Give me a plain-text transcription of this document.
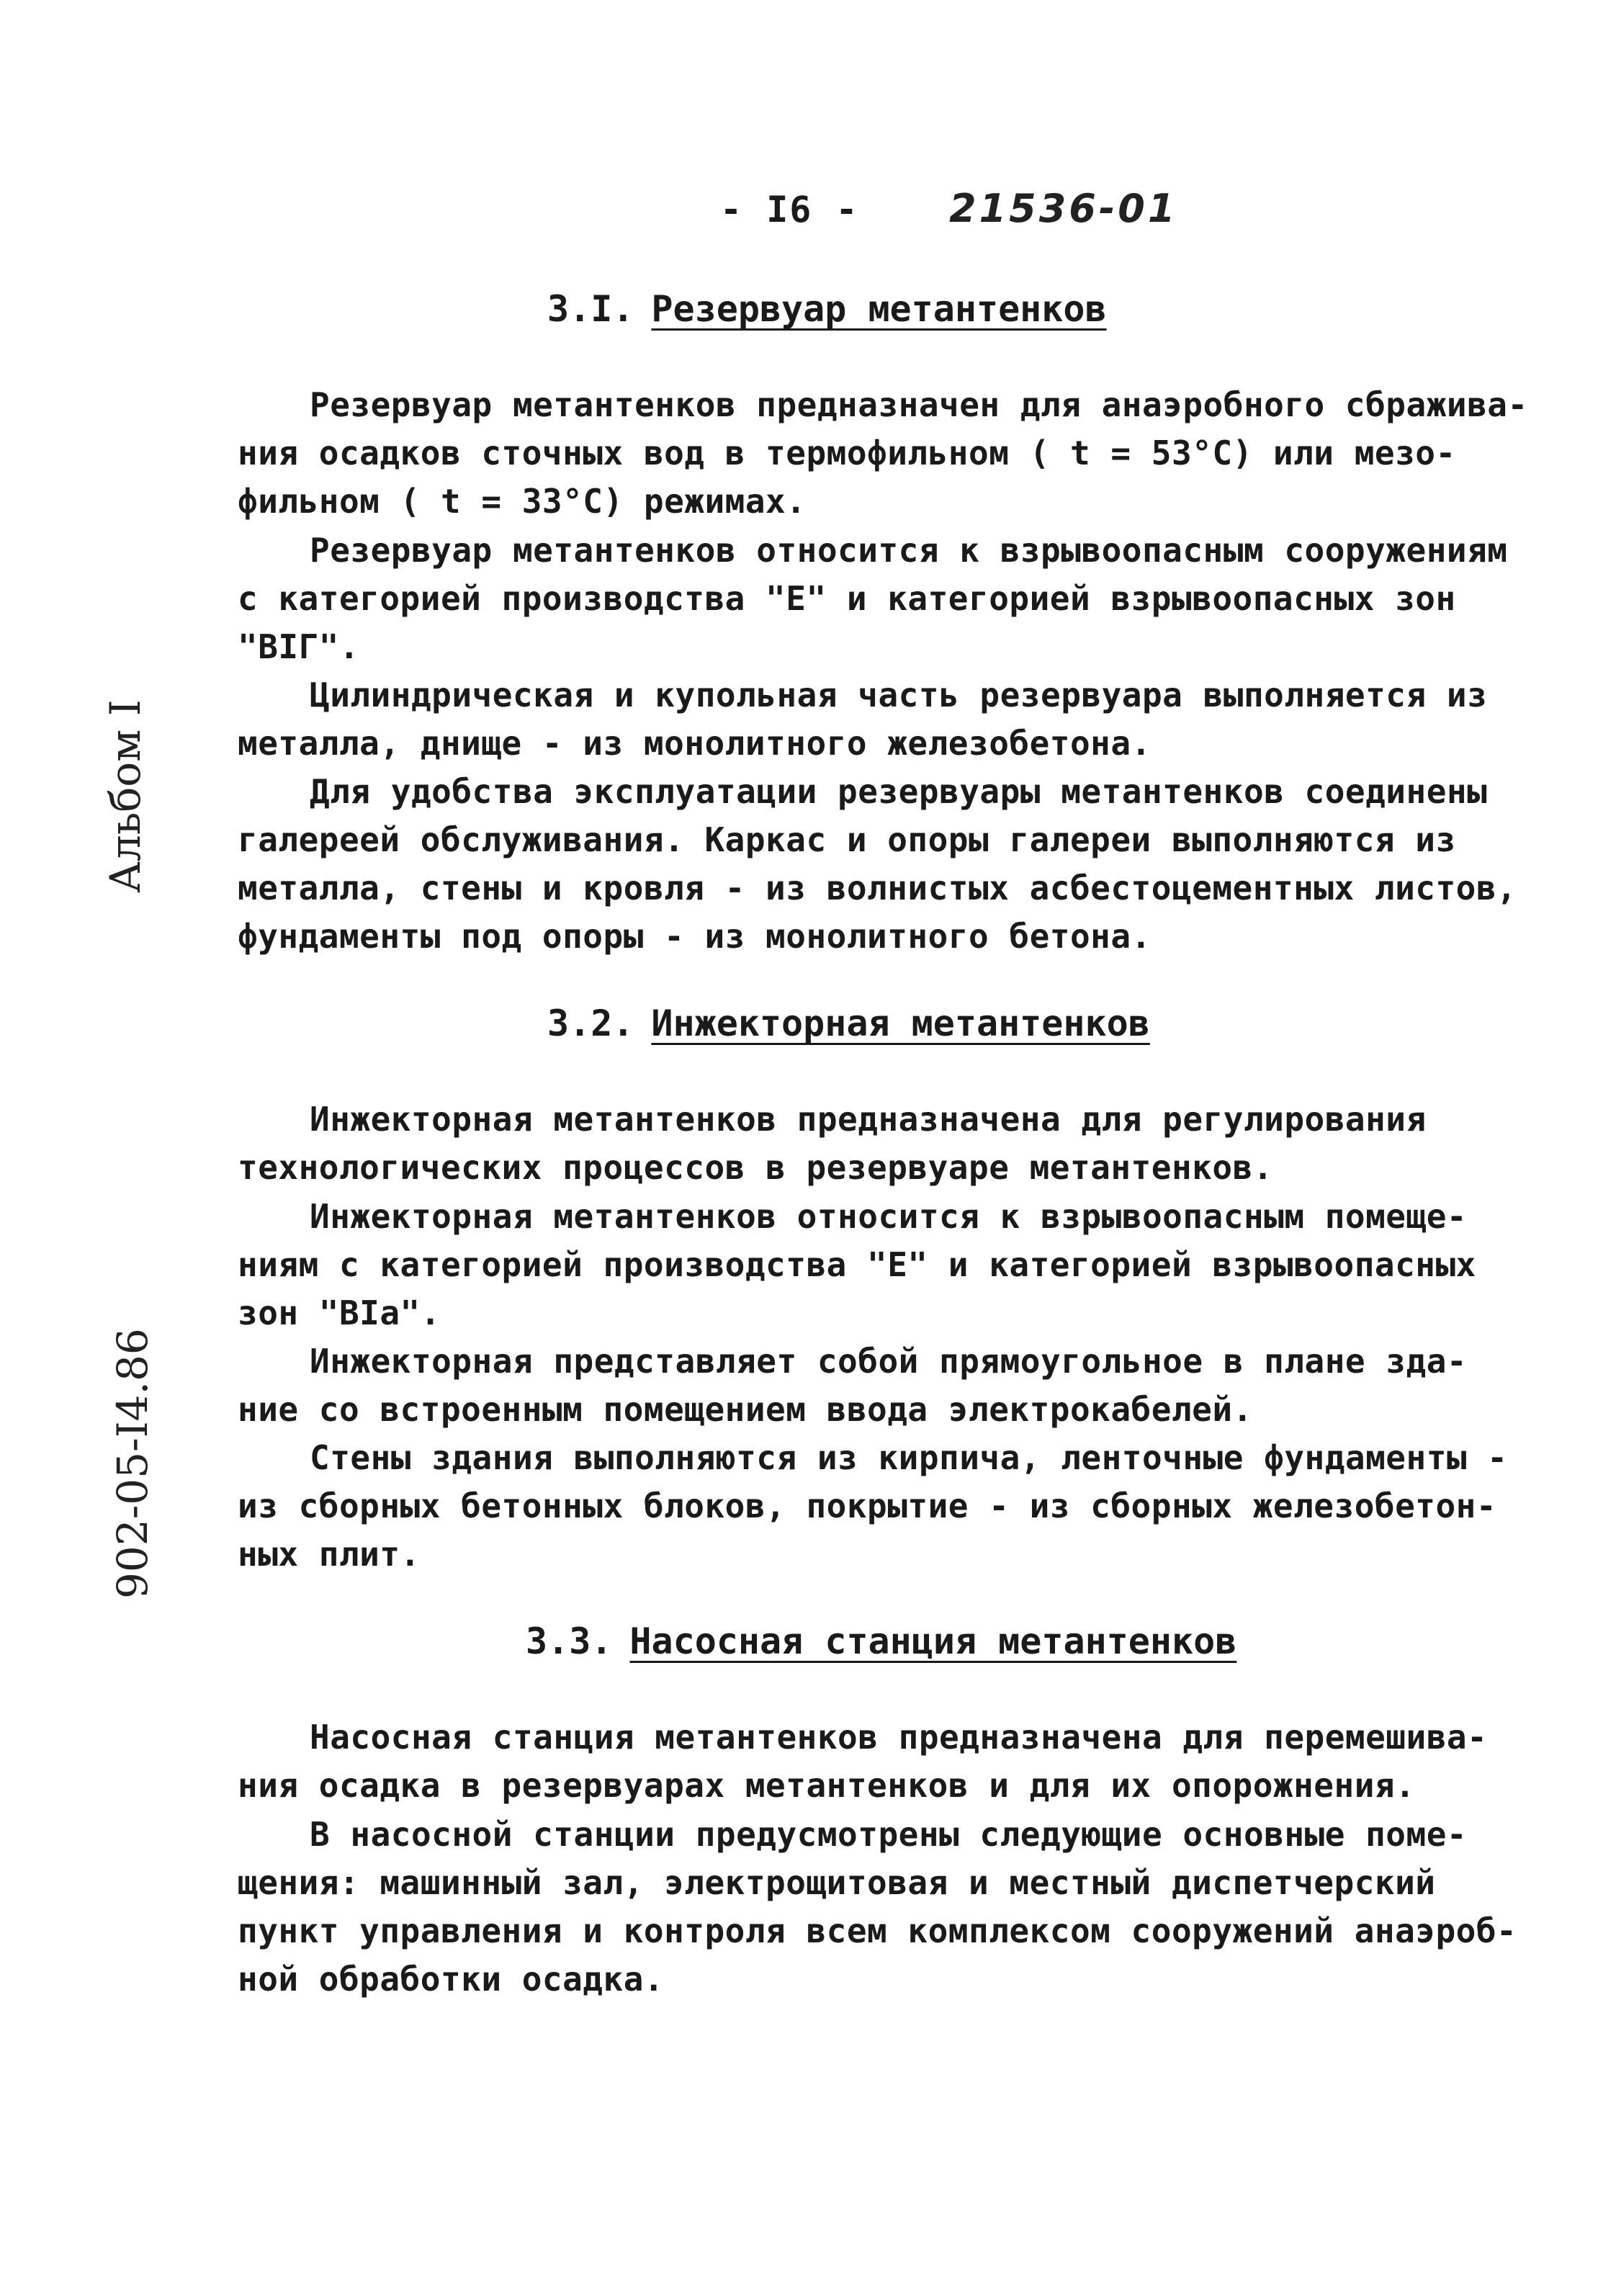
- I6 - 21536-01
Альбом I
902-05-I4.86
3.I. Резервуар метантенков
Резервуар метантенков предназначен для анаэробного сбражива-
ния осадков сточных вод в термофильном ( t = 53°C) или мезо-
фильном ( t = 33°C) режимах.
Резервуар метантенков относится к взрывоопасным сооружениям
с категорией производства "Е" и категорией взрывоопасных зон
"BIГ".
Цилиндрическая и купольная часть резервуара выполняется из
металла, днище - из монолитного железобетона.
Для удобства эксплуатации резервуары метантенков соединены
галереей обслуживания. Каркас и опоры галереи выполняются из
металла, стены и кровля - из волнистых асбестоцементных листов,
фундаменты под опоры - из монолитного бетона.
3.2. Инжекторная метантенков
Инжекторная метантенков предназначена для регулирования
технологических процессов в резервуаре метантенков.
Инжекторная метантенков относится к взрывоопасным помеще-
ниям с категорией производства "Е" и категорией взрывоопасных
зон "BIa".
Инжекторная представляет собой прямоугольное в плане зда-
ние со встроенным помещением ввода электрокабелей.
Стены здания выполняются из кирпича, ленточные фундаменты -
из сборных бетонных блоков, покрытие - из сборных железобетон-
ных плит.
3.3. Насосная станция метантенков
Насосная станция метантенков предназначена для перемешива-
ния осадка в резервуарах метантенков и для их опорожнения.
В насосной станции предусмотрены следующие основные поме-
щения: машинный зал, электрощитовая и местный диспетчерский
пункт управления и контроля всем комплексом сооружений анаэроб-
ной обработки осадка.
